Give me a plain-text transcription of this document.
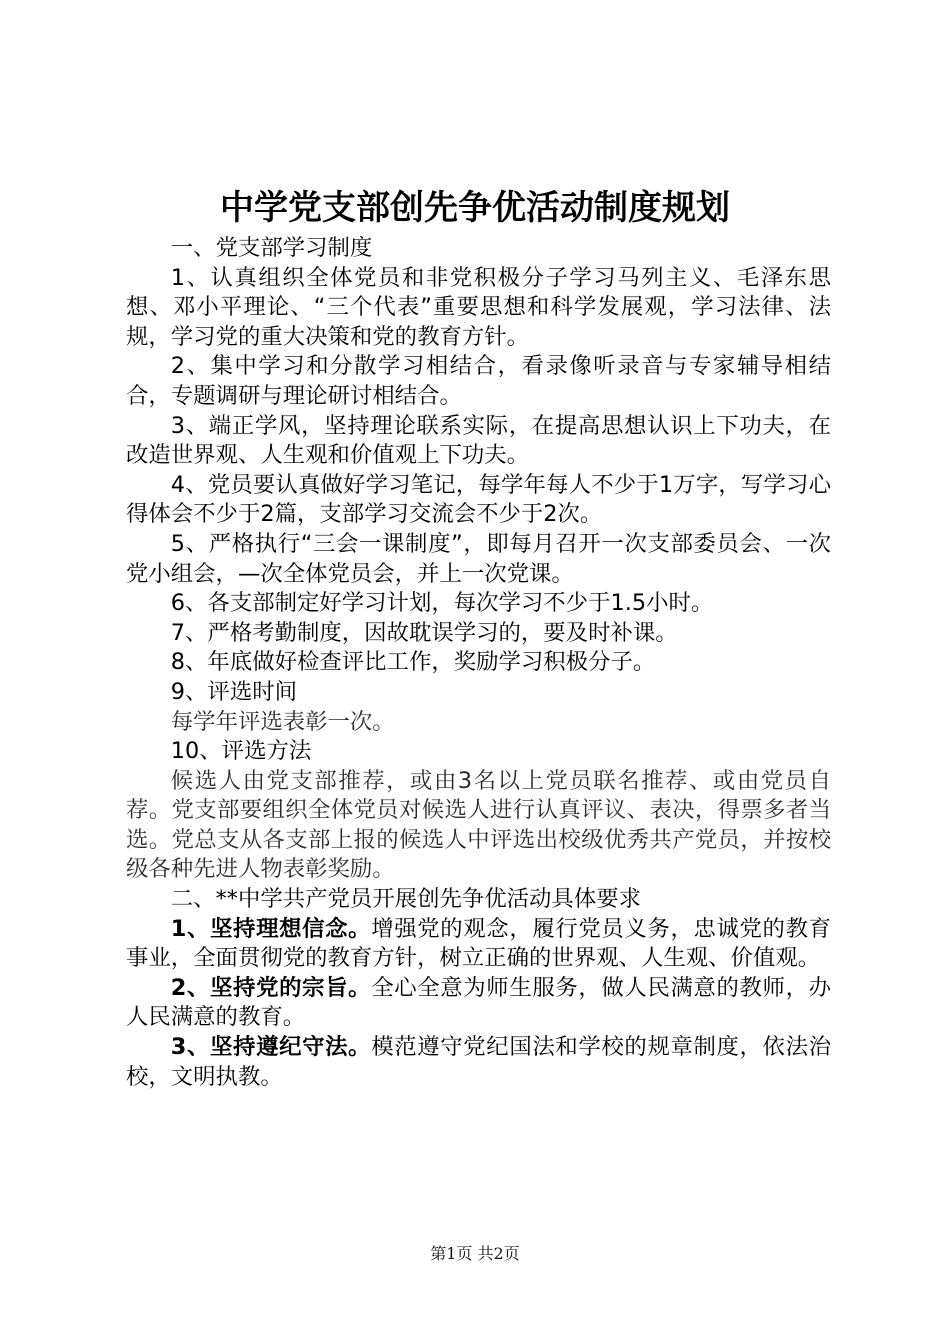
中学党支部创先争优活动制度规划

一、党支部学习制度

1、认真组织全体党员和非党积极分子学习马列主义、毛泽东思想、邓小平理论、“三个代表”重要思想和科学发展观，学习法律、法规，学习党的重大决策和党的教育方针。

2、集中学习和分散学习相结合，看录像听录音与专家辅导相结合，专题调研与理论研讨相结合。

3、端正学风，坚持理论联系实际，在提高思想认识上下功夫，在改造世界观、人生观和价值观上下功夫。

4、党员要认真做好学习笔记，每学年每人不少于1万字，写学习心得体会不少于2篇，支部学习交流会不少于2次。

5、严格执行“三会一课制度”，即每月召开一次支部委员会、一次党小组会，—次全体党员会，并上一次党课。

6、各支部制定好学习计划，每次学习不少于1.5小时。

7、严格考勤制度，因故耽误学习的，要及时补课。

8、年底做好检查评比工作，奖励学习积极分子。

9、评选时间

每学年评选表彰一次。

10、评选方法

候选人由党支部推荐，或由3名以上党员联名推荐、或由党员自荐。党支部要组织全体党员对候选人进行认真评议、表决，得票多者当选。党总支从各支部上报的候选人中评选出校级优秀共产党员，并按校级各种先进人物表彰奖励。

二、**中学共产党员开展创先争优活动具体要求

1、坚持理想信念。增强党的观念，履行党员义务，忠诚党的教育事业，全面贯彻党的教育方针，树立正确的世界观、人生观、价值观。

2、坚持党的宗旨。全心全意为师生服务，做人民满意的教师，办人民满意的教育。

3、坚持遵纪守法。模范遵守党纪国法和学校的规章制度，依法治校，文明执教。

第1页 共2页
